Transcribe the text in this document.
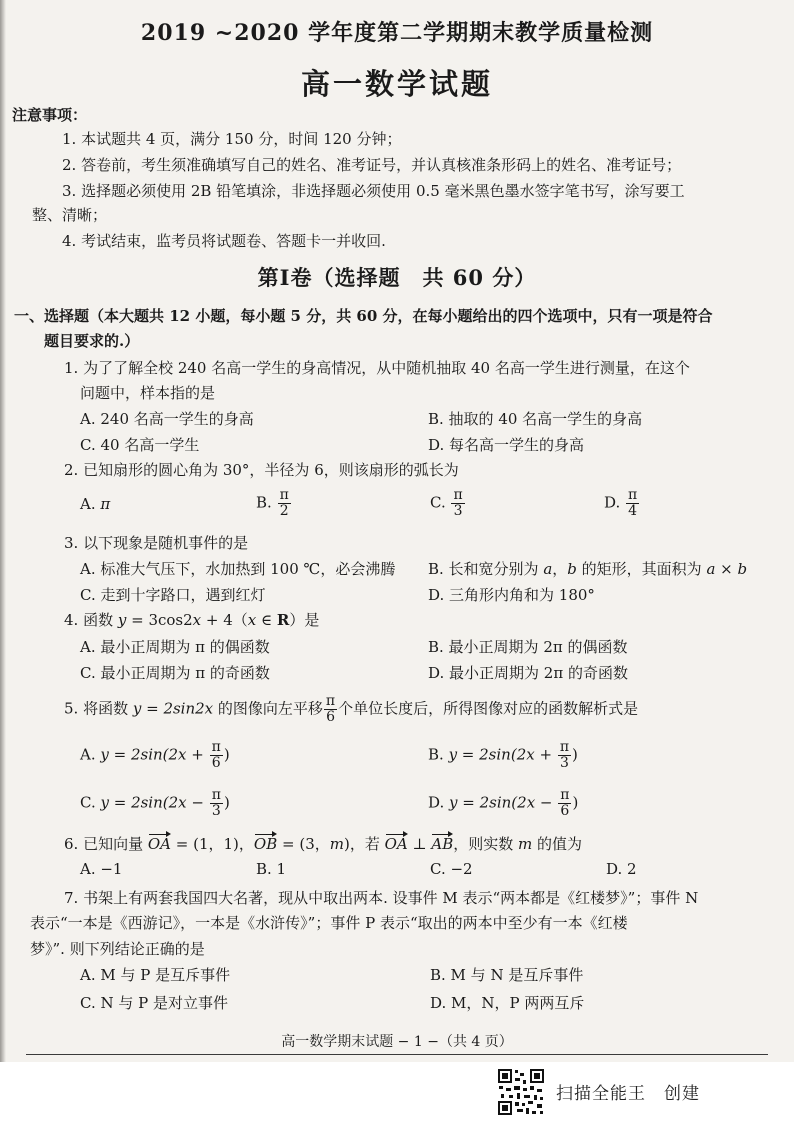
2019 ~2020 学年度第二学期期末教学质量检测
高一数学试题
注意事项：
1. 本试题共 4 页，满分 150 分，时间 120 分钟；
2. 答卷前，考生须准确填写自己的姓名、准考证号，并认真核准条形码上的姓名、准考证号；
3. 选择题必须使用 2B 铅笔填涂，非选择题必须使用 0.5 毫米黑色墨水签字笔书写，涂写要工
整、清晰；
4. 考试结束，监考员将试题卷、答题卡一并收回.
第Ⅰ卷（选择题　共 60 分）
一、选择题（本大题共 12 小题，每小题 5 分，共 60 分，在每小题给出的四个选项中，只有一项是符合
题目要求的.）
1. 为了了解全校 240 名高一学生的身高情况，从中随机抽取 40 名高一学生进行测量，在这个
问题中，样本指的是
A. 240 名高一学生的身高	B. 抽取的 40 名高一学生的身高
C. 40 名高一学生	D. 每名高一学生的身高
2. 已知扇形的圆心角为 30°，半径为 6，则该扇形的弧长为
A. π	B. $\frac{\pi}{2}$	C. $\frac{\pi}{3}$	D. $\frac{\pi}{4}$
3. 以下现象是随机事件的是
A. 标准大气压下，水加热到 100 ℃，必会沸腾 B. 长和宽分别为 a，b 的矩形，其面积为 a × b
C. 走到十字路口，遇到红灯	D. 三角形内角和为 180°
4. 函数 y = 3cos2x + 4（x ∈ R）是
A. 最小正周期为 π 的偶函数	B. 最小正周期为 2π 的偶函数
C. 最小正周期为 π 的奇函数	D. 最小正周期为 2π 的奇函数
5. 将函数 y = 2sin2x 的图像向左平移 $\frac{\pi}{6}$ 个单位长度后，所得图像对应的函数解析式是
A. $y = 2\sin(2x + \frac{\pi}{6}$ )	B. $y = 2\sin(2x + \frac{\pi}{3}$ )
C. $y = 2\sin(2x - \frac{\pi}{3}$ )	D. $y = 2\sin(2x - \frac{\pi}{6}$ )
6. 已知向量 OA = (1，1)，OB = (3，m)，若 OA ⊥ AB，则实数 m 的值为
A. −1	B. 1	C. −2	D. 2
7. 书架上有两套我国四大名著，现从中取出两本. 设事件 M 表示“两本都是《红楼梦》”；事件 N
表示“一本是《西游记》，一本是《水浒传》”；事件 P 表示“取出的两本中至少有一本《红楼
梦》”. 则下列结论正确的是
A. M 与 P 是互斥事件	B. M 与 N 是互斥事件
C. N 与 P 是对立事件	D. M，N，P 两两互斥
高一数学期末试题 − 1 −（共 4 页）
扫描全能王　创建
